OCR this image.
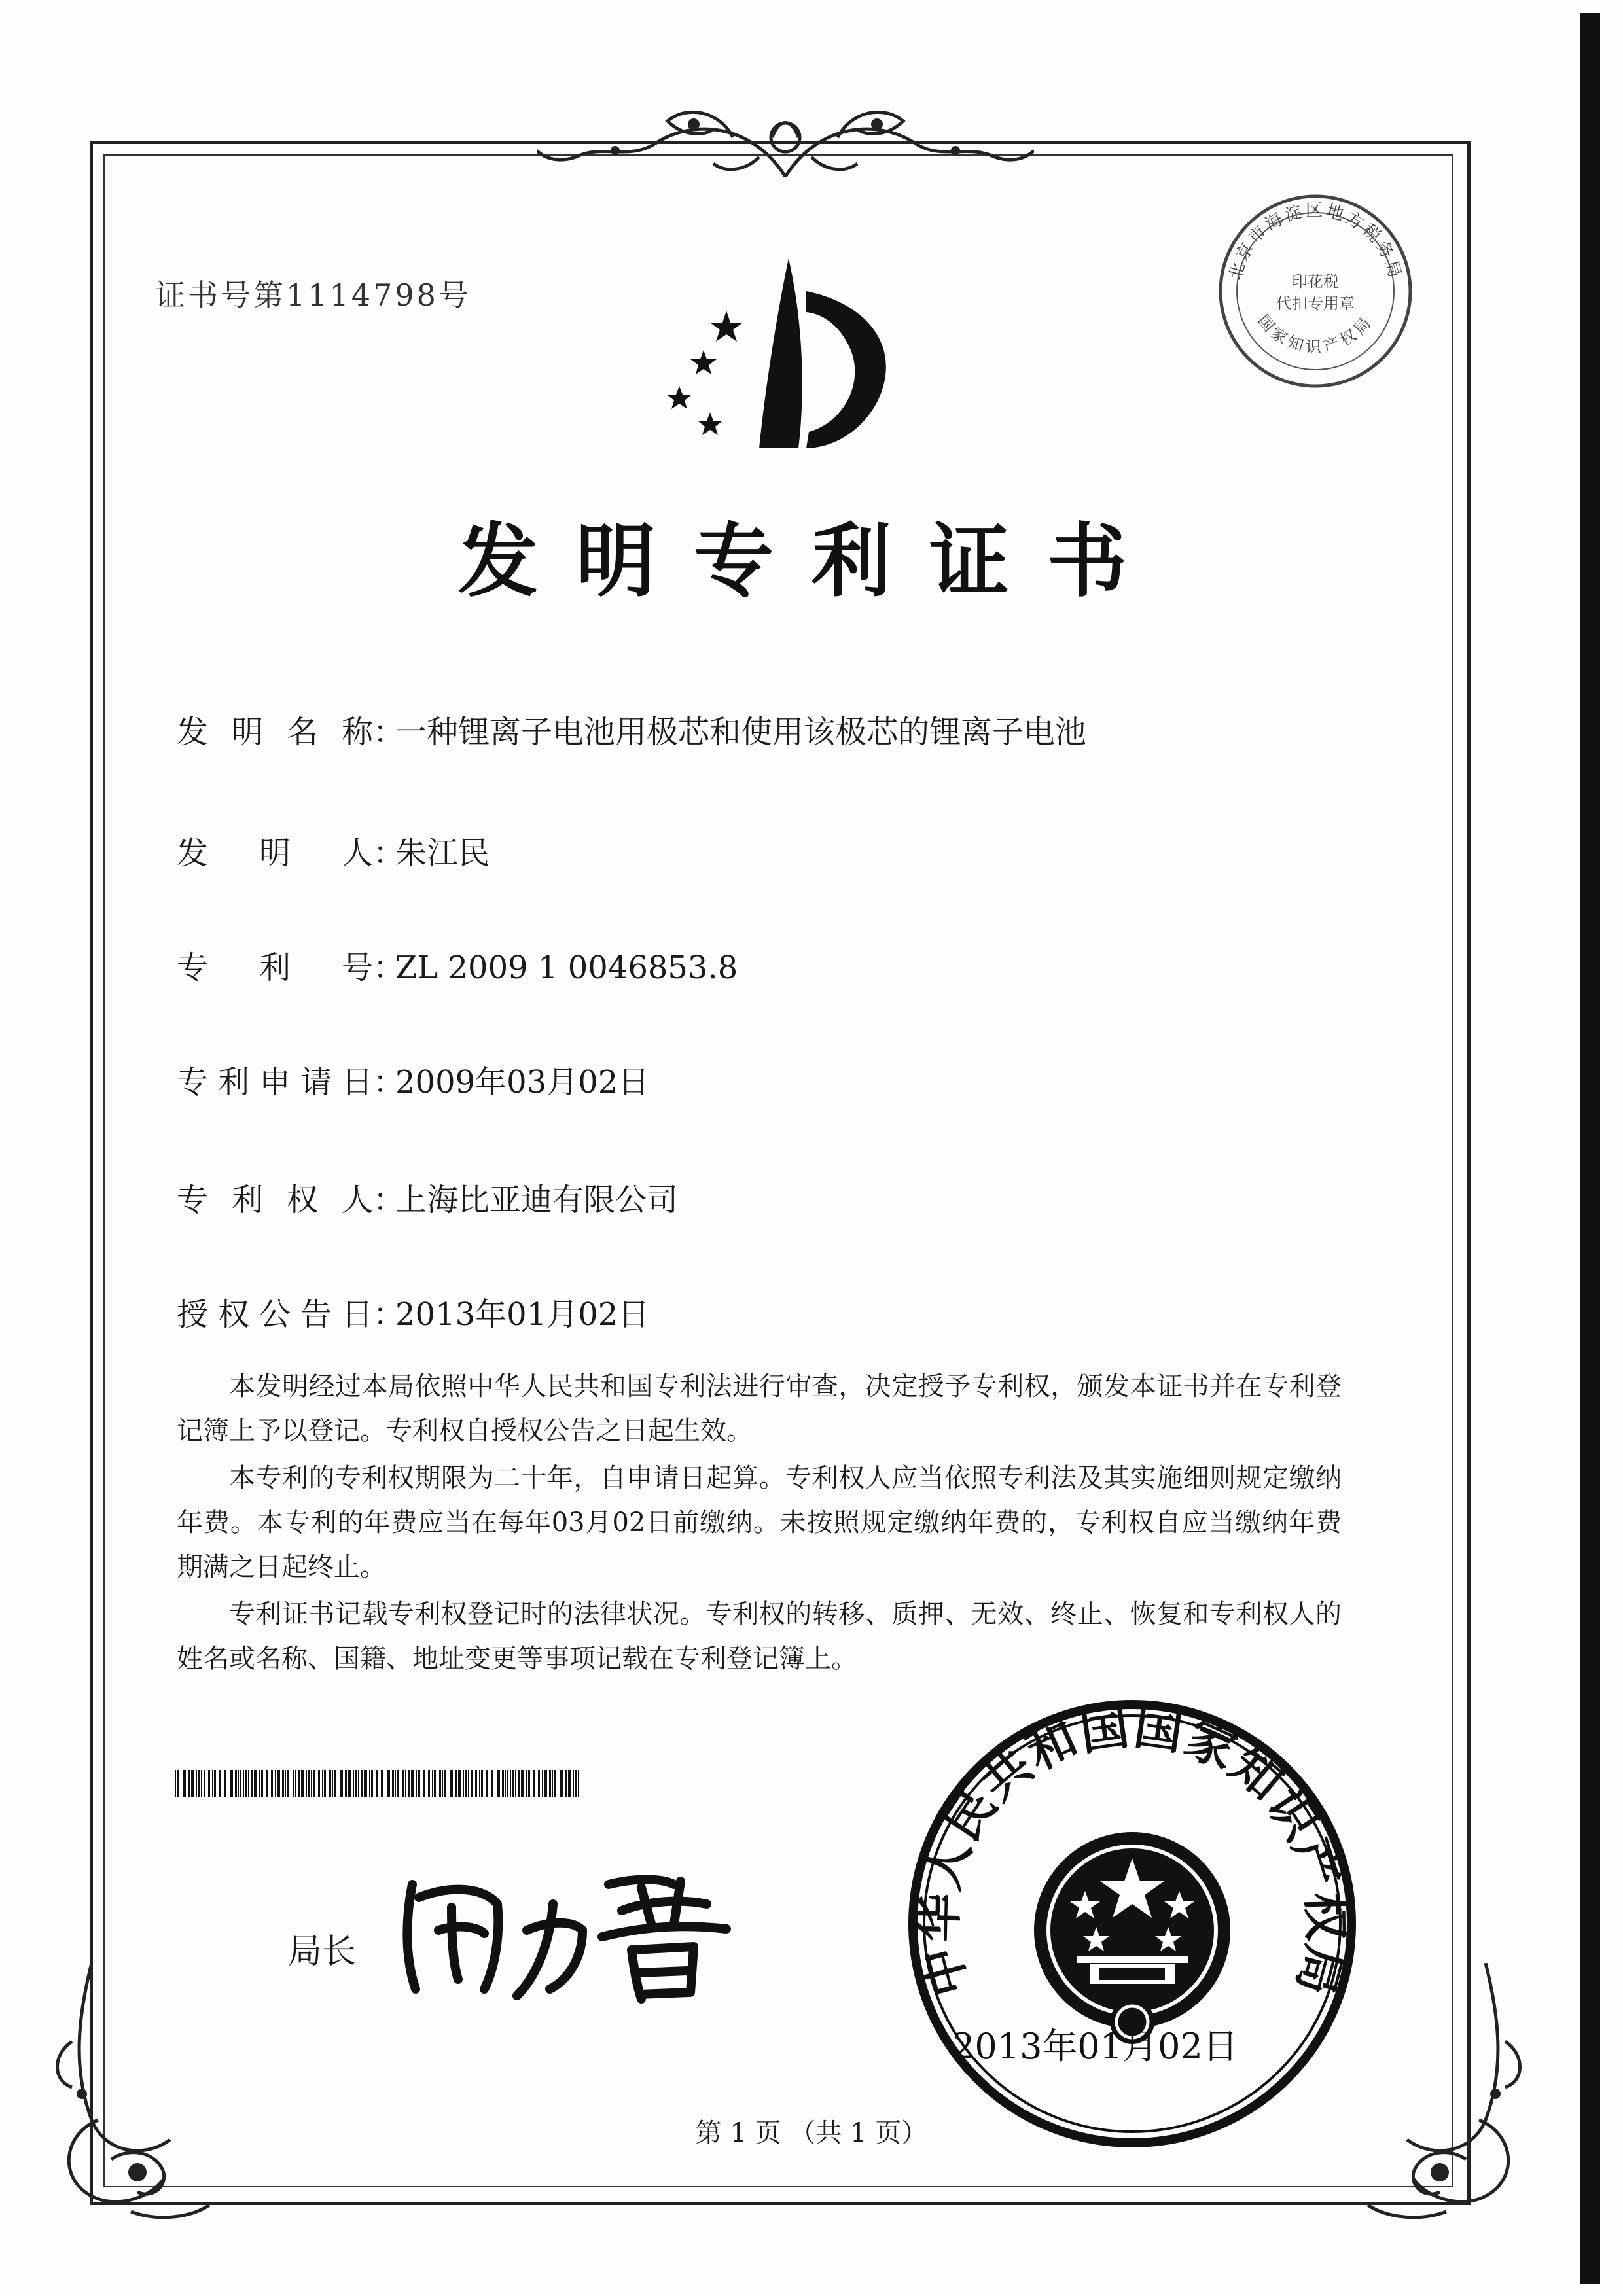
证书号第1114798号
北京市海淀区地方税务局
印花税
代扣专用章
国家知识产权局
发明专利证书
发明名称：一种锂离子电池用极芯和使用该极芯的锂离子电池
发明人：朱江民
专利号：ZL 2009 1 0046853.8
专利申请日：2009年03月02日
专利权人：上海比亚迪有限公司
授权公告日：2013年01月02日

本发明经过本局依照中华人民共和国专利法进行审查，决定授予专利权，颁发本证书并在专利登记簿上予以登记。专利权自授权公告之日起生效。

本专利的专利权期限为二十年，自申请日起算。专利权人应当依照专利法及其实施细则规定缴纳年费。本专利的年费应当在每年03月02日前缴纳。未按照规定缴纳年费的，专利权自应当缴纳年费期满之日起终止。

专利证书记载专利权登记时的法律状况。专利权的转移、质押、无效、终止、恢复和专利权人的姓名或名称、国籍、地址变更等事项记载在专利登记簿上。

局长	中华人民共和国国家知识产权局
2013年01月02日
第 1 页 （共 1 页）
